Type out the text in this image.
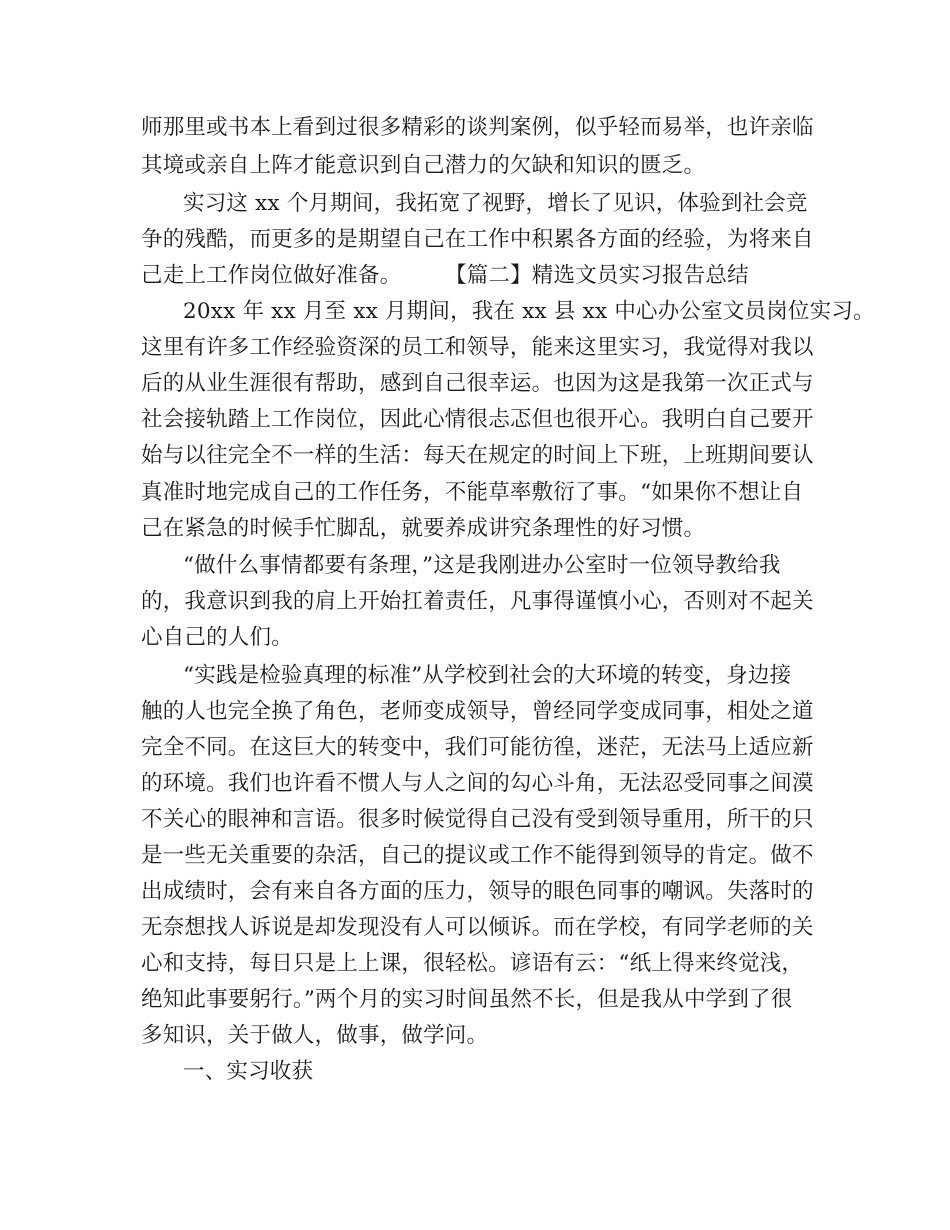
师那里或书本上看到过很多精彩的谈判案例，似乎轻而易举，也许亲临
其境或亲自上阵才能意识到自己潜力的欠缺和知识的匮乏。
实习这 xx 个月期间，我拓宽了视野，增长了见识，体验到社会竞
争的残酷，而更多的是期望自己在工作中积累各方面的经验，为将来自
己走上工作岗位做好准备。　　　【篇二】精选文员实习报告总结
20xx 年 xx 月至 xx 月期间，我在 xx 县 xx 中心办公室文员岗位实习。
这里有许多工作经验资深的员工和领导，能来这里实习，我觉得对我以
后的从业生涯很有帮助，感到自己很幸运。也因为这是我第一次正式与
社会接轨踏上工作岗位，因此心情很忐忑但也很开心。我明白自己要开
始与以往完全不一样的生活：每天在规定的时间上下班，上班期间要认
真准时地完成自己的工作任务，不能草率敷衍了事。“如果你不想让自
己在紧急的时候手忙脚乱，就要养成讲究条理性的好习惯。
“做什么事情都要有条理，”这是我刚进办公室时一位领导教给我
的，我意识到我的肩上开始扛着责任，凡事得谨慎小心，否则对不起关
心自己的人们。
“实践是检验真理的标准”从学校到社会的大环境的转变，身边接
触的人也完全换了角色，老师变成领导，曾经同学变成同事，相处之道
完全不同。在这巨大的转变中，我们可能彷徨，迷茫，无法马上适应新
的环境。我们也许看不惯人与人之间的勾心斗角，无法忍受同事之间漠
不关心的眼神和言语。很多时候觉得自己没有受到领导重用，所干的只
是一些无关重要的杂活，自己的提议或工作不能得到领导的肯定。做不
出成绩时，会有来自各方面的压力，领导的眼色同事的嘲讽。失落时的
无奈想找人诉说是却发现没有人可以倾诉。而在学校，有同学老师的关
心和支持，每日只是上上课，很轻松。谚语有云：“纸上得来终觉浅，
绝知此事要躬行。”两个月的实习时间虽然不长，但是我从中学到了很
多知识，关于做人，做事，做学问。
一、实习收获
